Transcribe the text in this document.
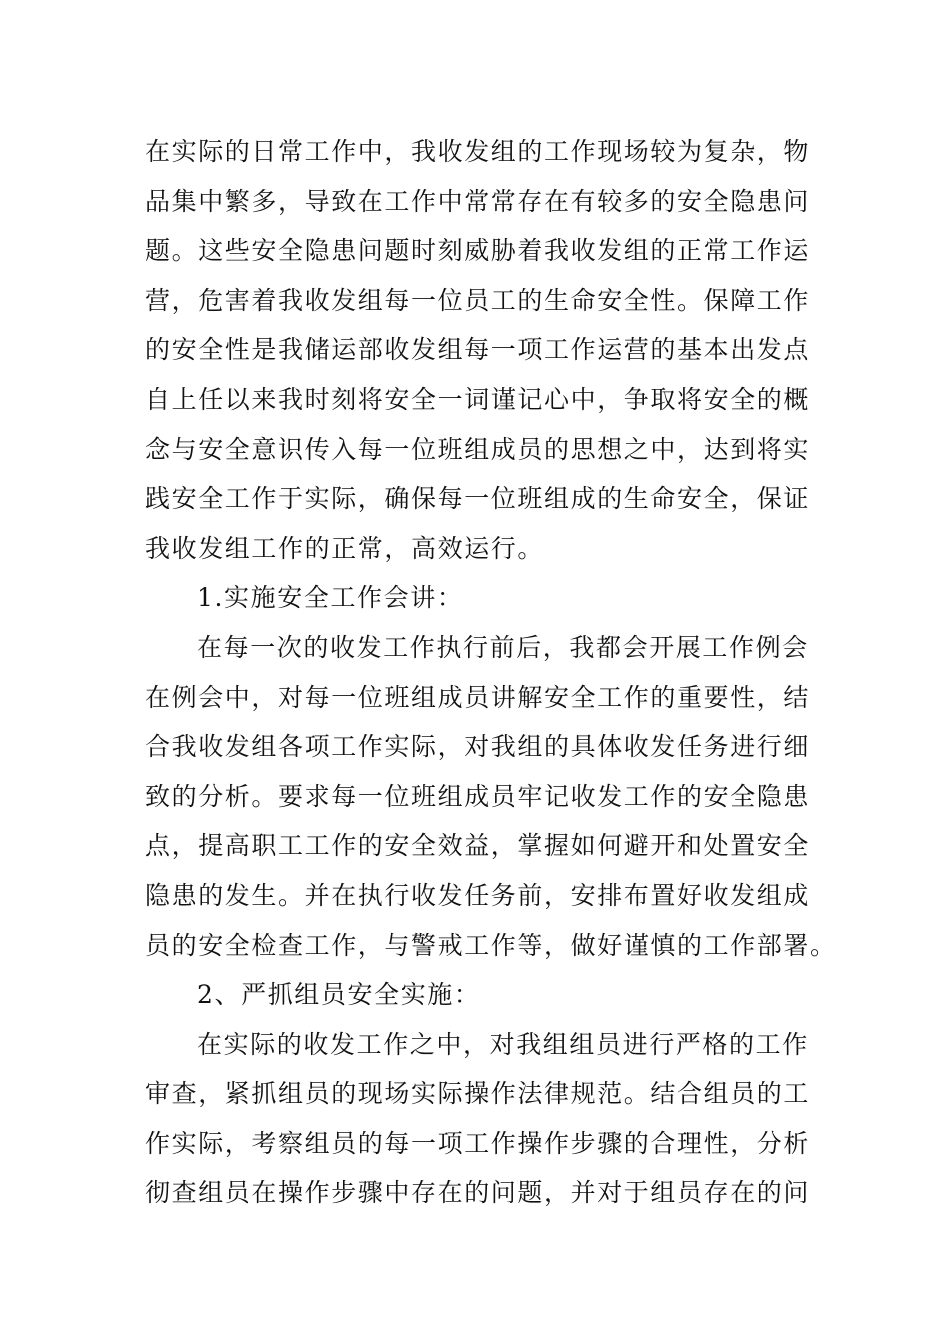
在实际的日常工作中，我收发组的工作现场较为复杂，物
品集中繁多，导致在工作中常常存在有较多的安全隐患问
题。这些安全隐患问题时刻威胁着我收发组的正常工作运
营，危害着我收发组每一位员工的生命安全性。保障工作
的安全性是我储运部收发组每一项工作运营的基本出发点
自上任以来我时刻将安全一词谨记心中，争取将安全的概
念与安全意识传入每一位班组成员的思想之中，达到将实
践安全工作于实际，确保每一位班组成的生命安全，保证
我收发组工作的正常，高效运行。
1.实施安全工作会讲：
在每一次的收发工作执行前后，我都会开展工作例会
在例会中，对每一位班组成员讲解安全工作的重要性，结
合我收发组各项工作实际，对我组的具体收发任务进行细
致的分析。要求每一位班组成员牢记收发工作的安全隐患
点，提高职工工作的安全效益，掌握如何避开和处置安全
隐患的发生。并在执行收发任务前，安排布置好收发组成
员的安全检查工作，与警戒工作等，做好谨慎的工作部署。
2、严抓组员安全实施：
在实际的收发工作之中，对我组组员进行严格的工作
审查，紧抓组员的现场实际操作法律规范。结合组员的工
作实际，考察组员的每一项工作操作步骤的合理性，分析
彻查组员在操作步骤中存在的问题，并对于组员存在的问
